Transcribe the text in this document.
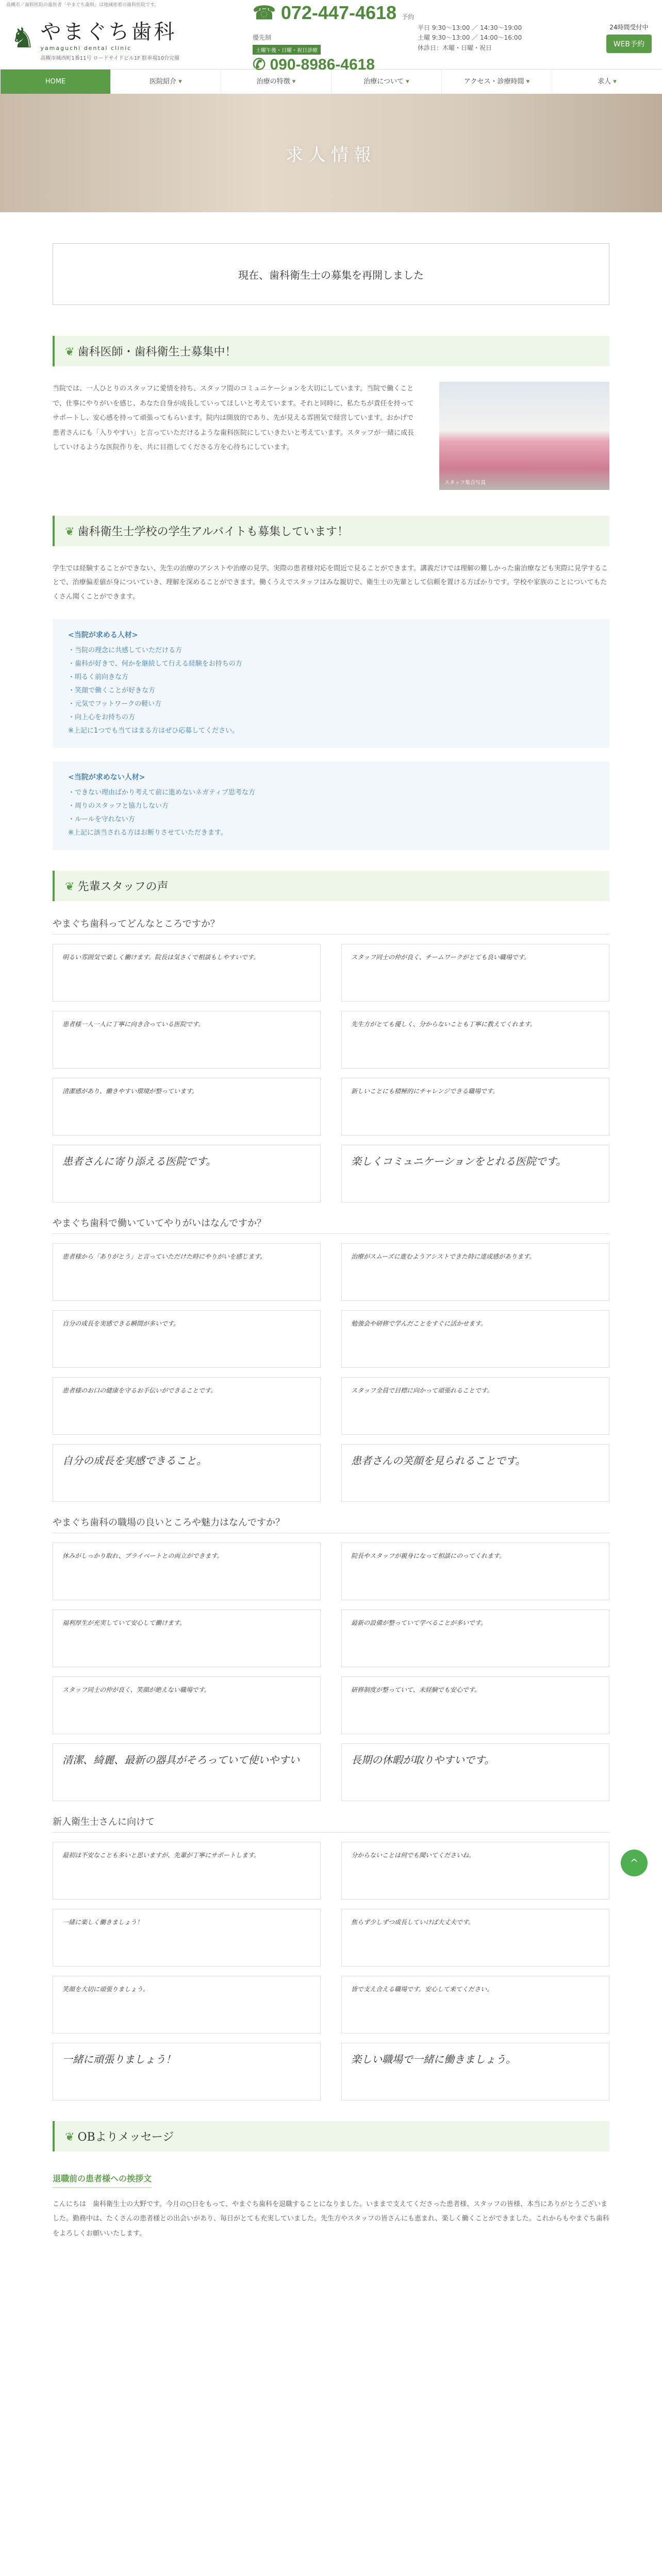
高槻市／歯科医院の歯医者「やまぐち歯科」は地域密着の歯科医院です。
♞ やまぐち歯科
yamaguchi dental clinic
高槻市城西町1番11号 ロードサイドビル1F 駐車場10台完備
☎ 072-447-4618 予約優先制
土曜午後・日曜・祝日診療
✆ 090-8986-4618
平日 9:30〜13:00 ／ 14:30〜19:00
土曜 9:30〜13:00 ／ 14:00〜16:00
休診日：木曜・日曜・祝日

24時間受付中

WEB予約
HOME	医院紹介 ▾	治療の特徴 ▾	治療について ▾	アクセス・診療時間 ▾	求人 ▾
求人情報
現在、歯科衛生士の募集を再開しました
❦ 歯科医師・歯科衛生士募集中！
当院では、一人ひとりのスタッフに愛情を持ち、スタッフ間のコミュニケーションを大切にしています。当院で働くことで、仕事にやりがいを感じ、あなた自身が成長していってほしいと考えています。それと同時に、私たちが責任を持ってサポートし、安心感を持って頑張ってもらいます。院内は開放的であり、先が見える雰囲気で経営しています。おかげで患者さんにも「入りやすい」と言っていただけるような歯科医院にしていきたいと考えています。スタッフが一緒に成長していけるような医院作りを、共に目指してくださる方を心待ちにしています。
スタッフ集合写真
❦ 歯科衛生士学校の学生アルバイトも募集しています！
学生では経験することができない、先生の治療のアシストや治療の見学、実際の患者様対応を間近で見ることができます。講義だけでは理解の難しかった歯治療なども実際に見学することで、治療偏差値が身についていき、理解を深めることができます。働くうえでスタッフはみな親切で、衛生士の先輩として信頼を置ける方ばかりです。学校や家族のことについてもたくさん聞くことができます。
<当院が求める人材>
・当院の理念に共感していただける方
・歯科が好きで、何かを継続して行える経験をお持ちの方
・明るく前向きな方
・笑顔で働くことが好きな方
・元気でフットワークの軽い方
・向上心をお持ちの方
※上記に1つでも当てはまる方はぜひ応募してください。
<当院が求めない人材>
・できない理由ばかり考えて前に進めないネガティブ思考な方
・周りのスタッフと協力しない方
・ルールを守れない方
※上記に該当される方はお断りさせていただきます。
❦ 先輩スタッフの声
やまぐち歯科ってどんなところですか？
明るい雰囲気で楽しく働けます。院長は気さくで相談もしやすいです。	スタッフ同士の仲が良く、チームワークがとても良い職場です。
患者様一人一人に丁寧に向き合っている医院です。	先生方がとても優しく、分からないことも丁寧に教えてくれます。
清潔感があり、働きやすい環境が整っています。	新しいことにも積極的にチャレンジできる職場です。
患者さんに寄り添える医院です。	楽しくコミュニケーションをとれる医院です。
やまぐち歯科で働いていてやりがいはなんですか？
患者様から「ありがとう」と言っていただけた時にやりがいを感じます。	治療がスムーズに進むようアシストできた時に達成感があります。
自分の成長を実感できる瞬間が多いです。	勉強会や研修で学んだことをすぐに活かせます。
患者様のお口の健康を守るお手伝いができることです。	スタッフ全員で目標に向かって頑張れることです。
自分の成長を実感できること。	患者さんの笑顔を見られることです。
やまぐち歯科の職場の良いところや魅力はなんですか？
休みがしっかり取れ、プライベートとの両立ができます。	院長やスタッフが親身になって相談にのってくれます。
福利厚生が充実していて安心して働けます。	最新の設備が整っていて学べることが多いです。
スタッフ同士の仲が良く、笑顔が絶えない職場です。	研修制度が整っていて、未経験でも安心です。
清潔、綺麗、最新の器具がそろっていて使いやすい	長期の休暇が取りやすいです。
新人衛生士さんに向けて
最初は不安なことも多いと思いますが、先輩が丁寧にサポートします。	分からないことは何でも聞いてくださいね。
一緒に楽しく働きましょう！	焦らず少しずつ成長していけば大丈夫です。
笑顔を大切に頑張りましょう。	皆で支え合える職場です。安心して来てください。
一緒に頑張りましょう！	楽しい職場で一緒に働きましょう。
❦ OBよりメッセージ
退職前の患者様への挨拶文
こんにちは　歯科衛生士の大野です。今月の○日をもって、やまぐち歯科を退職することになりました。いままで支えてくださった患者様、スタッフの皆様、本当にありがとうございました。勤務中は、たくさんの患者様との出会いがあり、毎日がとても充実していました。先生方やスタッフの皆さんにも恵まれ、楽しく働くことができました。これからもやまぐち歯科をよろしくお願いいたします。
^
